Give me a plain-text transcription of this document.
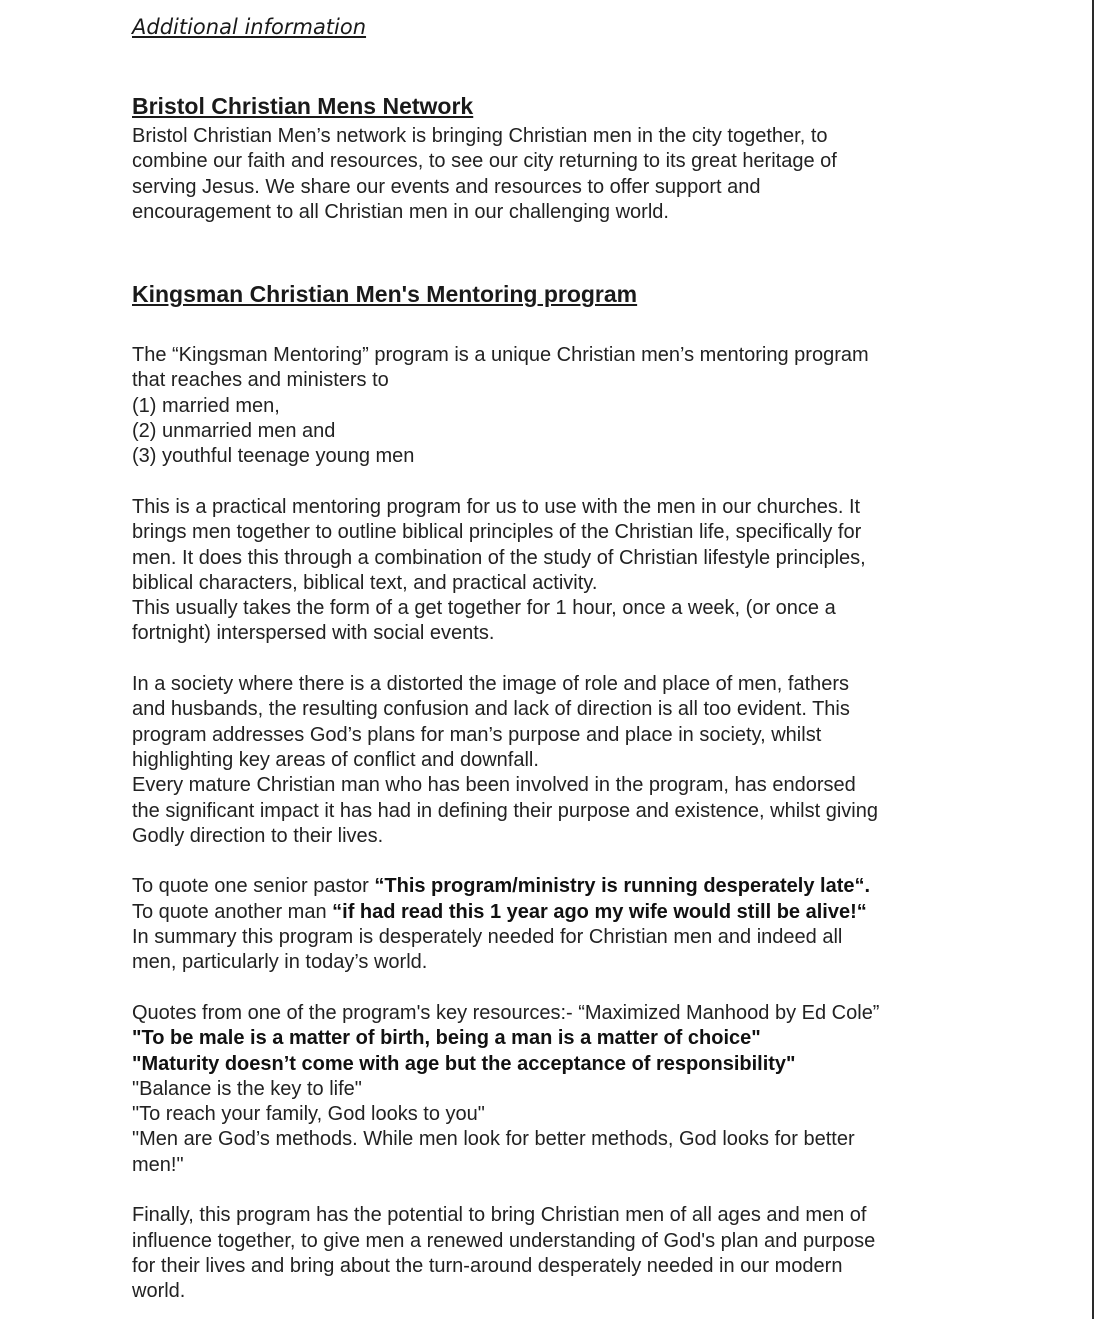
Additional information
Bristol Christian Mens Network

Bristol Christian Men’s network is bringing Christian men in the city together, to
combine our faith and resources, to see our city returning to its great heritage of
serving Jesus. We share our events and resources to offer support and
encouragement to all Christian men in our challenging world.

Kingsman Christian Men's Mentoring program

The “Kingsman Mentoring” program is a unique Christian men’s mentoring program
that reaches and ministers to
(1) married men,
(2) unmarried men and
(3) youthful teenage young men

This is a practical mentoring program for us to use with the men in our churches. It
brings men together to outline biblical principles of the Christian life, specifically for
men. It does this through a combination of the study of Christian lifestyle principles,
biblical characters, biblical text, and practical activity.
This usually takes the form of a get together for 1 hour, once a week, (or once a
fortnight) interspersed with social events.

In a society where there is a distorted the image of role and place of men, fathers
and husbands, the resulting confusion and lack of direction is all too evident. This
program addresses God’s plans for man’s purpose and place in society, whilst
highlighting key areas of conflict and downfall.
Every mature Christian man who has been involved in the program, has endorsed
the significant impact it has had in defining their purpose and existence, whilst giving
Godly direction to their lives.

To quote one senior pastor “This program/ministry is running desperately late“.
To quote another man “if had read this 1 year ago my wife would still be alive!“
In summary this program is desperately needed for Christian men and indeed all
men, particularly in today’s world.

Quotes from one of the program's key resources:- “Maximized Manhood by Ed Cole”
"To be male is a matter of birth, being a man is a matter of choice"
"Maturity doesn’t come with age but the acceptance of responsibility"
"Balance is the key to life"
"To reach your family, God looks to you"
"Men are God’s methods. While men look for better methods, God looks for better
men!"

Finally, this program has the potential to bring Christian men of all ages and men of
influence together, to give men a renewed understanding of God's plan and purpose
for their lives and bring about the turn-around desperately needed in our modern
world.
